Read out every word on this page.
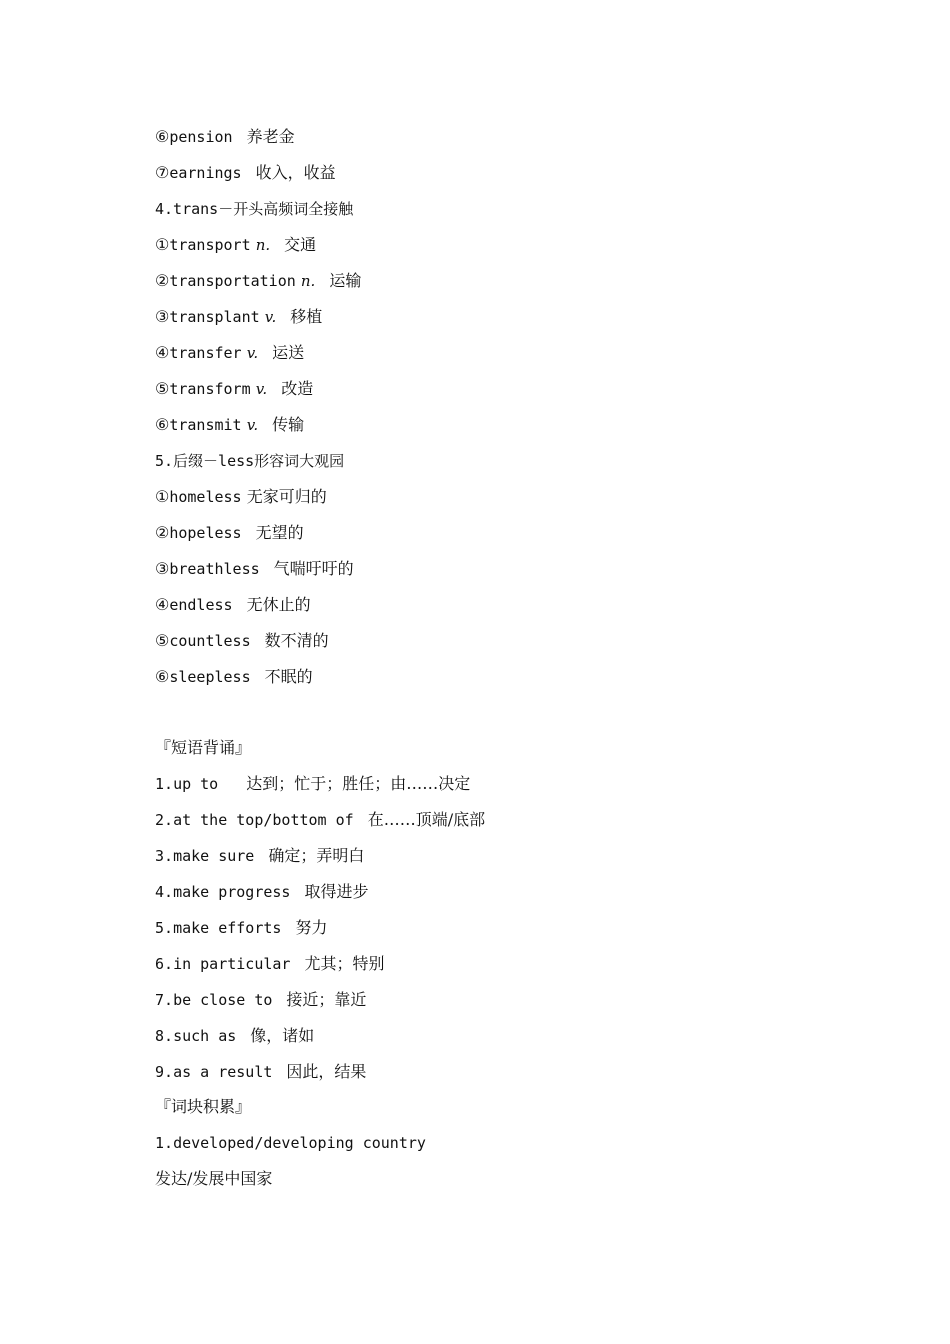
⑥pension 养老金
⑦earnings 收入，收益
4.trans－开头高频词全接触
①transport n. 交通
②transportation n. 运输
③transplant v. 移植
④transfer v. 运送
⑤transform v. 改造
⑥transmit v. 传输
5.后缀－less形容词大观园
①homeless 无家可归的
②hopeless 无望的
③breathless 气喘吁吁的
④endless 无休止的
⑤countless 数不清的
⑥sleepless 不眠的
『短语背诵』
1.up to 达到；忙于；胜任；由……决定
2.at the top/bottom of 在……顶端/底部
3.make sure 确定；弄明白
4.make progress 取得进步
5.make efforts 努力
6.in particular 尤其；特别
7.be close to 接近；靠近
8.such as 像，诸如
9.as a result 因此，结果
『词块积累』
1.developed/developing country
发达/发展中国家
